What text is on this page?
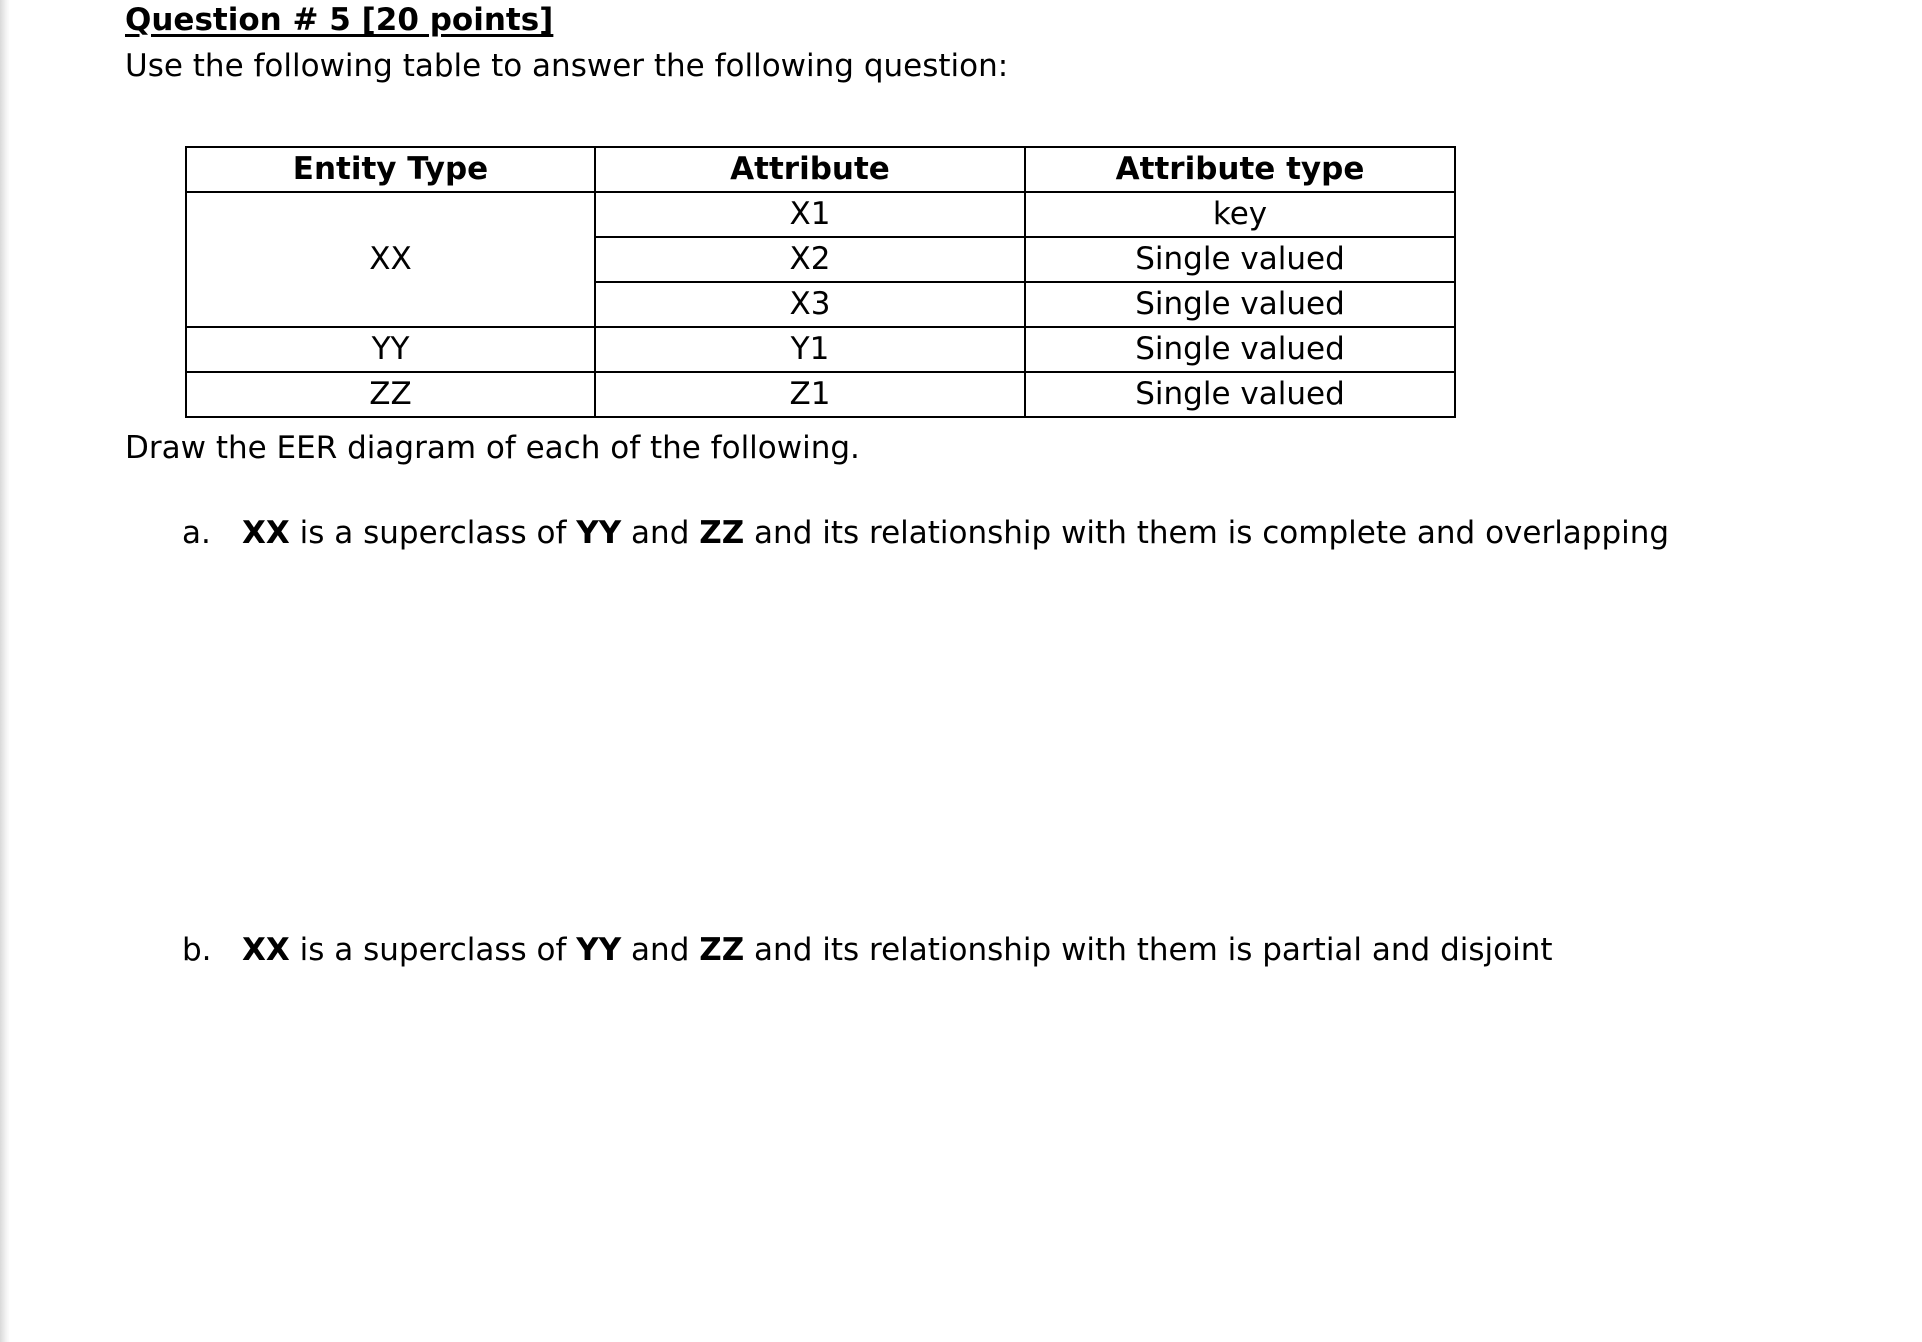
Question # 5 [20 points]
Use the following table to answer the following question:
Entity Type	Attribute	Attribute type
XX	X1	key
	X2	Single valued
	X3	Single valued
YY	Y1	Single valued
ZZ	Z1	Single valued
Draw the EER diagram of each of the following.
a. XX is a superclass of YY and ZZ and its relationship with them is complete and overlapping
b. XX is a superclass of YY and ZZ and its relationship with them is partial and disjoint
